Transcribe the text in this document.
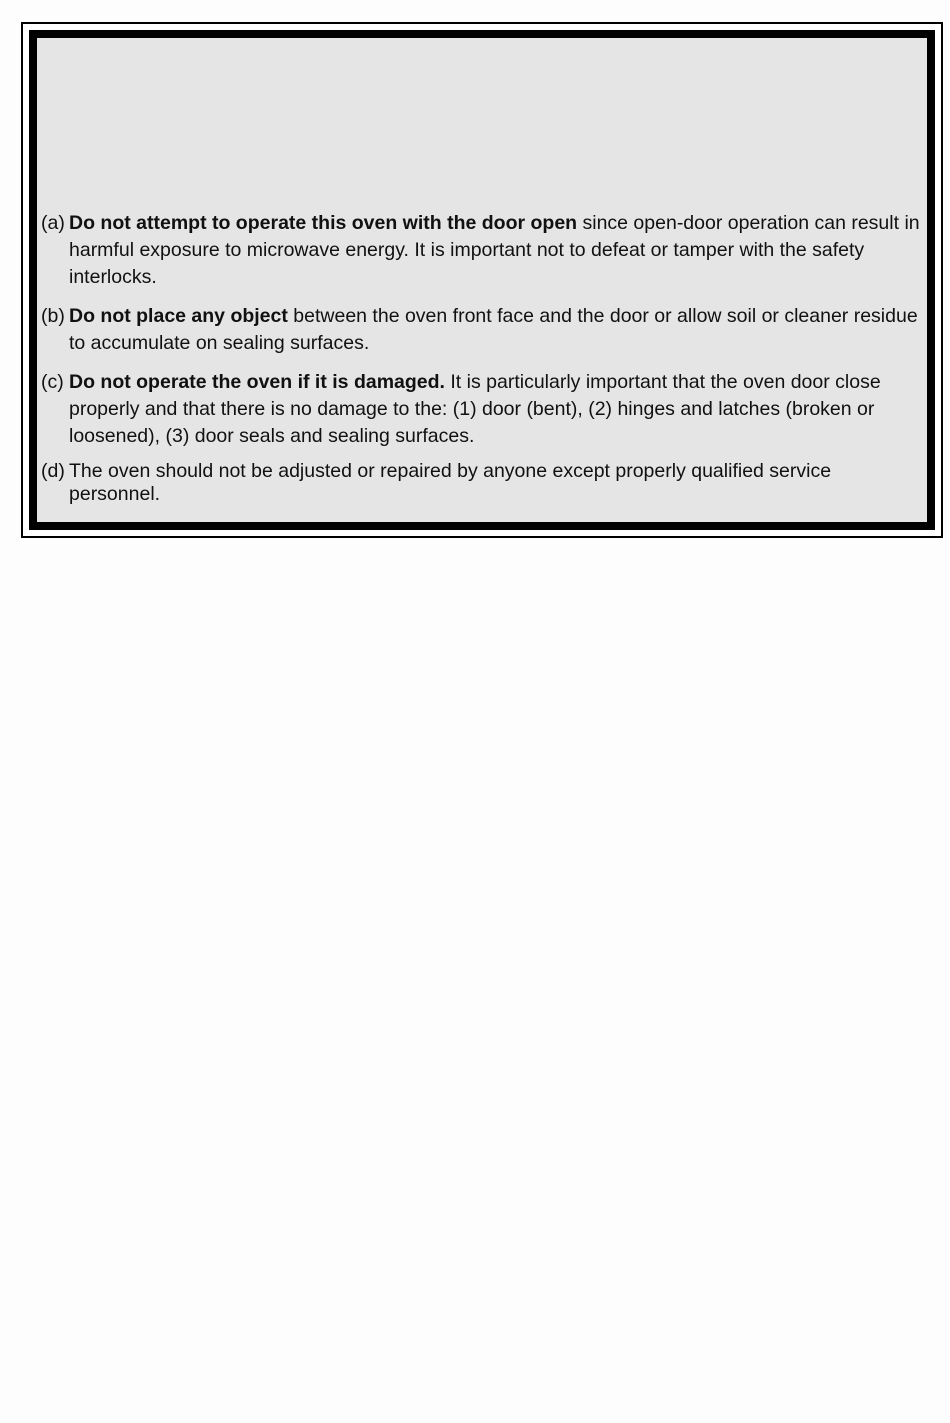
(a) Do not attempt to operate this oven with the door open since open-door operation can result in harmful exposure to microwave energy. It is important not to defeat or tamper with the safety interlocks.
(b) Do not place any object between the oven front face and the door or allow soil or cleaner residue to accumulate on sealing surfaces.
(c) Do not operate the oven if it is damaged. It is particularly important that the oven door close properly and that there is no damage to the: (1) door (bent), (2) hinges and latches (broken or loosened), (3) door seals and sealing surfaces.
(d) The oven should not be adjusted or repaired by anyone except properly qualified service personnel.
